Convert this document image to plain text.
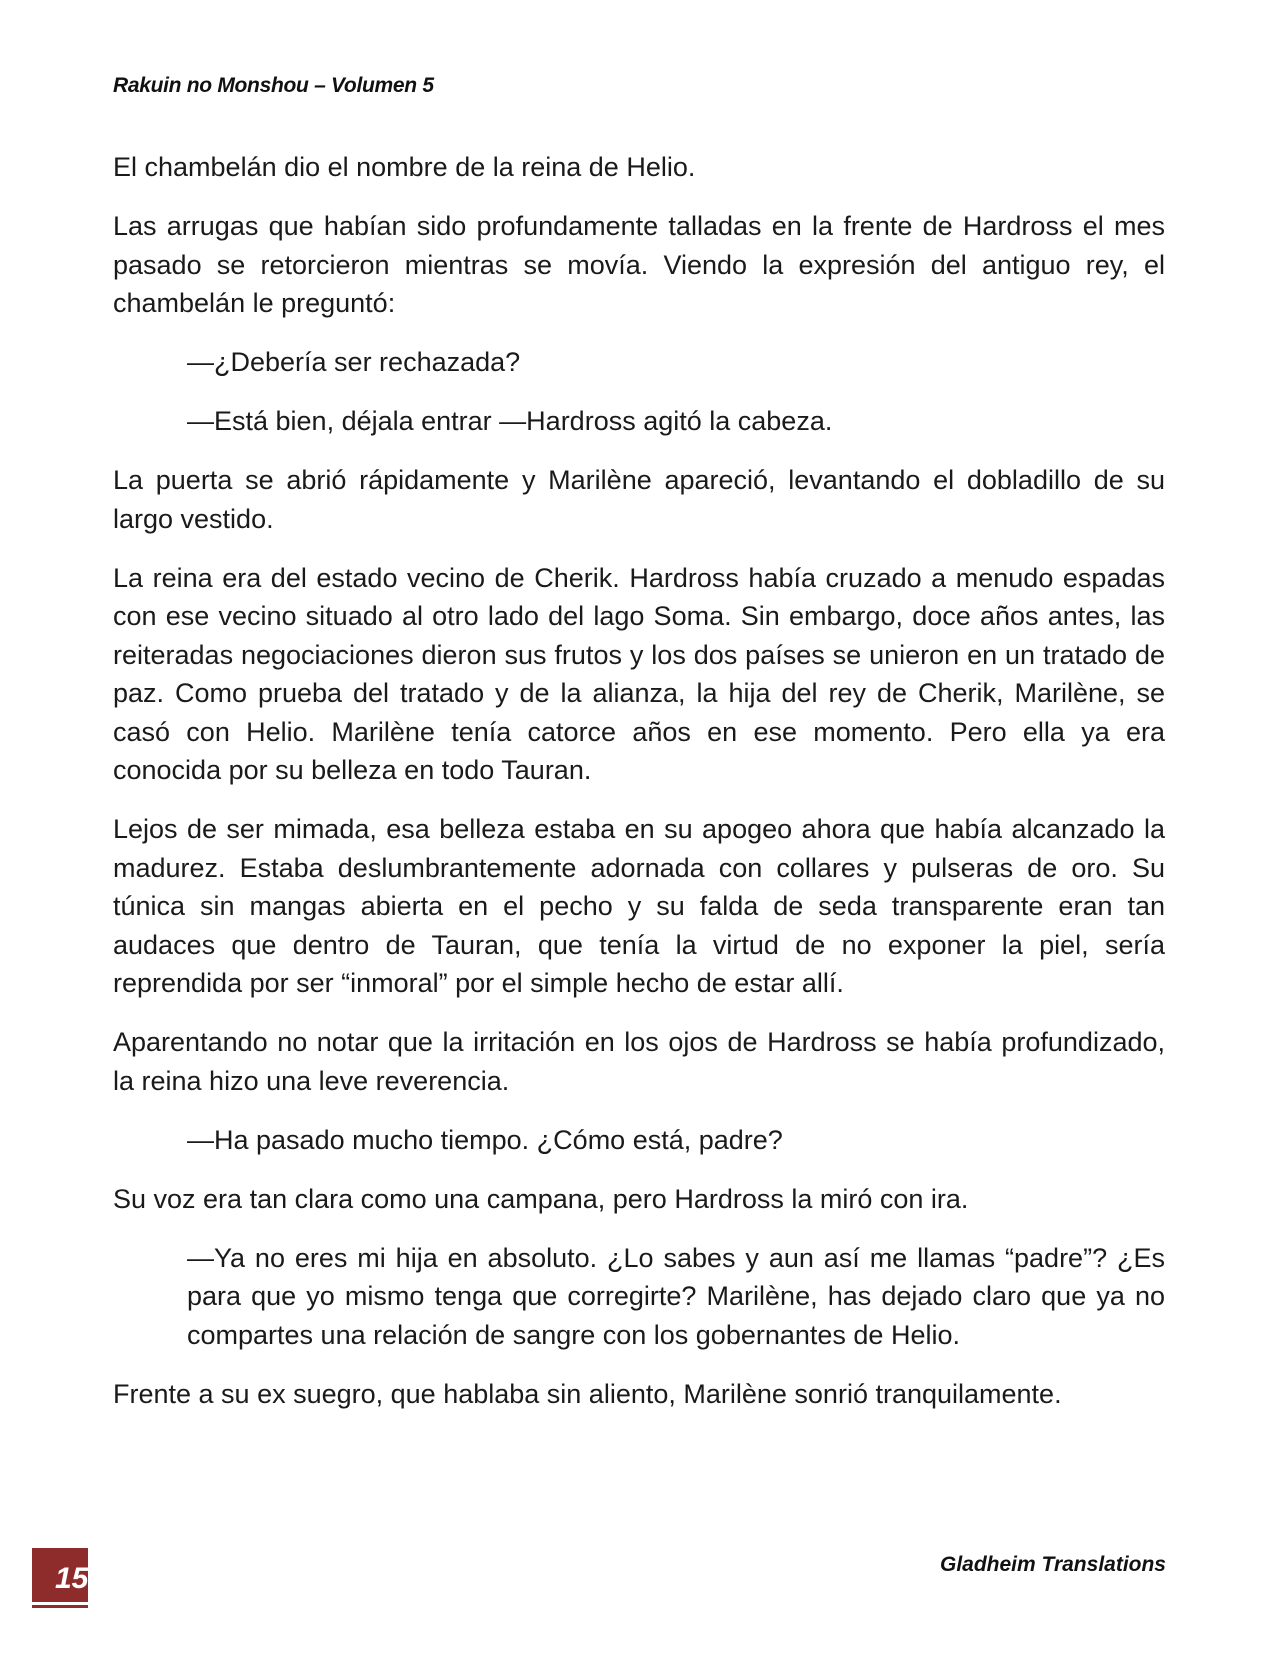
Rakuin no Monshou – Volumen 5

El chambelán dio el nombre de la reina de Helio.

Las arrugas que habían sido profundamente talladas en la frente de Hardross el mes pasado se retorcieron mientras se movía. Viendo la expresión del antiguo rey, el chambelán le preguntó:

—¿Debería ser rechazada?

—Está bien, déjala entrar —Hardross agitó la cabeza.

La puerta se abrió rápidamente y Marilène apareció, levantando el dobladillo de su largo vestido.

La reina era del estado vecino de Cherik. Hardross había cruzado a menudo espadas con ese vecino situado al otro lado del lago Soma. Sin embargo, doce años antes, las reiteradas negociaciones dieron sus frutos y los dos países se unieron en un tratado de paz. Como prueba del tratado y de la alianza, la hija del rey de Cherik, Marilène, se casó con Helio. Marilène tenía catorce años en ese momento. Pero ella ya era conocida por su belleza en todo Tauran.

Lejos de ser mimada, esa belleza estaba en su apogeo ahora que había alcanzado la madurez. Estaba deslumbrantemente adornada con collares y pulseras de oro. Su túnica sin mangas abierta en el pecho y su falda de seda transparente eran tan audaces que dentro de Tauran, que tenía la virtud de no exponer la piel, sería reprendida por ser “inmoral” por el simple hecho de estar allí.

Aparentando no notar que la irritación en los ojos de Hardross se había profundizado, la reina hizo una leve reverencia.

—Ha pasado mucho tiempo. ¿Cómo está, padre?

Su voz era tan clara como una campana, pero Hardross la miró con ira.

—Ya no eres mi hija en absoluto. ¿Lo sabes y aun así me llamas “padre”? ¿Es para que yo mismo tenga que corregirte? Marilène, has dejado claro que ya no compartes una relación de sangre con los gobernantes de Helio.

Frente a su ex suegro, que hablaba sin aliento, Marilène sonrió tranquilamente.

15	Gladheim Translations
